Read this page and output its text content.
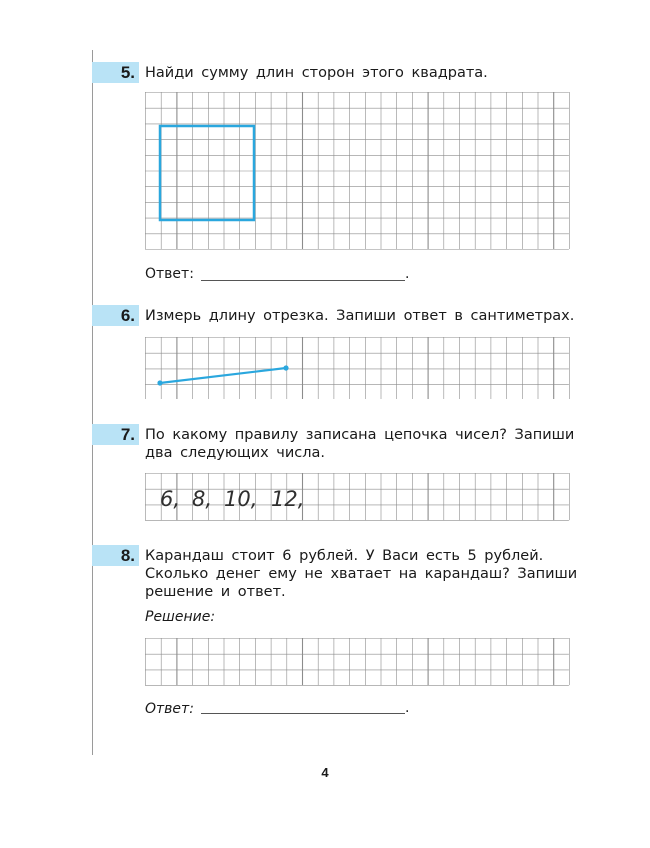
5. Найди сумму длин сторон этого квадрата.
Ответ:	.
6. Измерь длину отрезка. Запиши ответ в сантиметрах.
7. По какому правилу записана цепочка чисел? Запиши
два следующих числа.
6, 8, 10, 12,
8. Карандаш стоит 6 рублей. У Васи есть 5 рублей.
Сколько денег ему не хватает на карандаш? Запиши
решение и ответ.
Решение:
Ответ:	.
4
